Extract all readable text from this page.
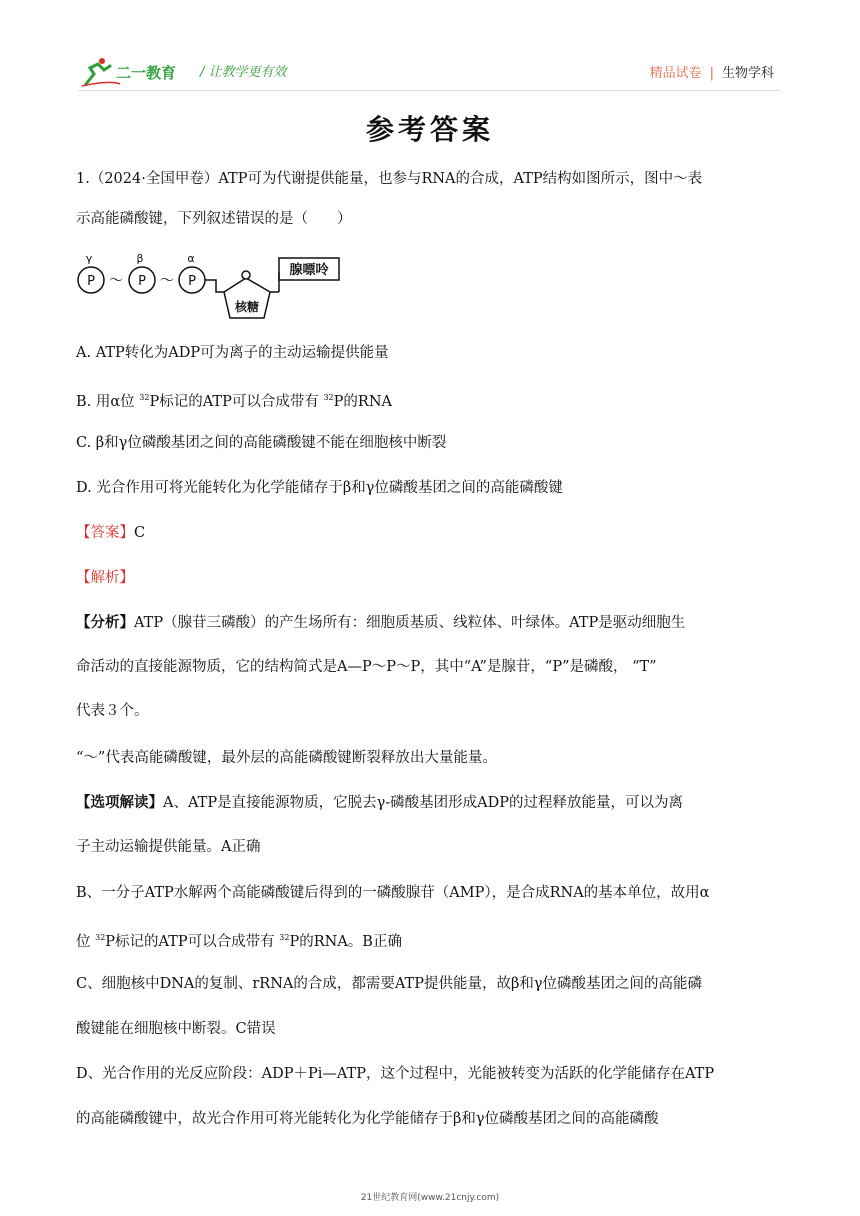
二一教育 / 让教学更有效	精品试卷 | 生物学科
参考答案
1.（2024·全国甲卷）ATP可为代谢提供能量，也参与RNA的合成，ATP结构如图所示，图中～表
示高能磷酸键，下列叙述错误的是（　　）
γ	β	α
P	P	P
～	～
腺嘌呤
核糖
A. ATP转化为ADP可为离子的主动运输提供能量
B. 用α位 $^{32}$P标记的ATP可以合成带有 $^{32}$P的RNA
C. β和γ位磷酸基团之间的高能磷酸键不能在细胞核中断裂
D. 光合作用可将光能转化为化学能储存于β和γ位磷酸基团之间的高能磷酸键
【答案】C
【解析】
【分析】ATP（腺苷三磷酸）的产生场所有：细胞质基质、线粒体、叶绿体。ATP是驱动细胞生
命活动的直接能源物质，它的结构简式是A—P～P～P，其中“A”是腺苷，“P”是磷酸， “T”
代表３个。
“～”代表高能磷酸键，最外层的高能磷酸键断裂释放出大量能量。
【选项解读】A、ATP是直接能源物质，它脱去γ-磷酸基团形成ADP的过程释放能量，可以为离
子主动运输提供能量。A正确
B、一分子ATP水解两个高能磷酸键后得到的一磷酸腺苷（AMP），是合成RNA的基本单位，故用α
位 $^{32}$P标记的ATP可以合成带有 $^{32}$P的RNA。B正确
C、细胞核中DNA的复制、rRNA的合成，都需要ATP提供能量，故β和γ位磷酸基团之间的高能磷
酸键能在细胞核中断裂。C错误
D、光合作用的光反应阶段：ADP＋Pi—ATP，这个过程中，光能被转变为活跃的化学能储存在ATP
的高能磷酸键中，故光合作用可将光能转化为化学能储存于β和γ位磷酸基团之间的高能磷酸
21世纪教育网(www.21cnjy.com)
